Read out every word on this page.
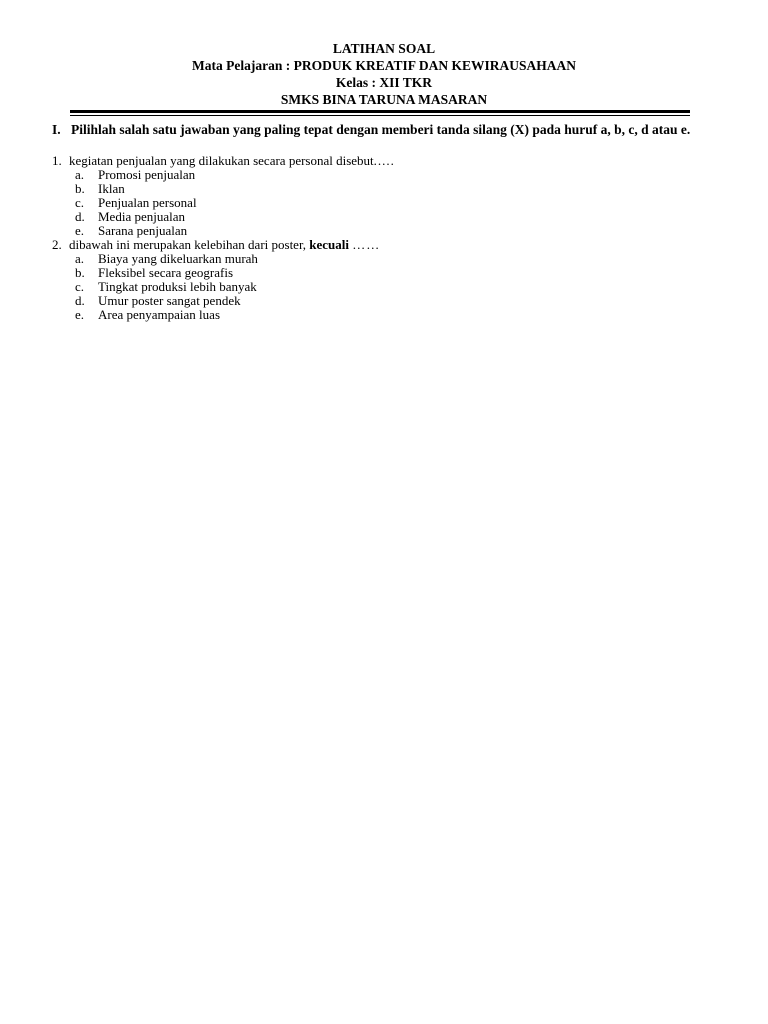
LATIHAN SOAL
Mata Pelajaran : PRODUK KREATIF DAN KEWIRAUSAHAAN
Kelas : XII TKR
SMKS BINA TARUNA MASARAN
I. Pilihlah salah satu jawaban yang paling tepat dengan memberi tanda silang (X) pada huruf a, b, c, d atau e.
1. kegiatan penjualan yang dilakukan secara personal disebut.....
a. Promosi penjualan
b. Iklan
c. Penjualan personal
d. Media penjualan
e. Sarana penjualan
2. dibawah ini merupakan kelebihan dari poster, kecuali ……
a. Biaya yang dikeluarkan murah
b. Fleksibel secara geografis
c. Tingkat produksi lebih banyak
d. Umur poster sangat pendek
e. Area penyampaian luas
